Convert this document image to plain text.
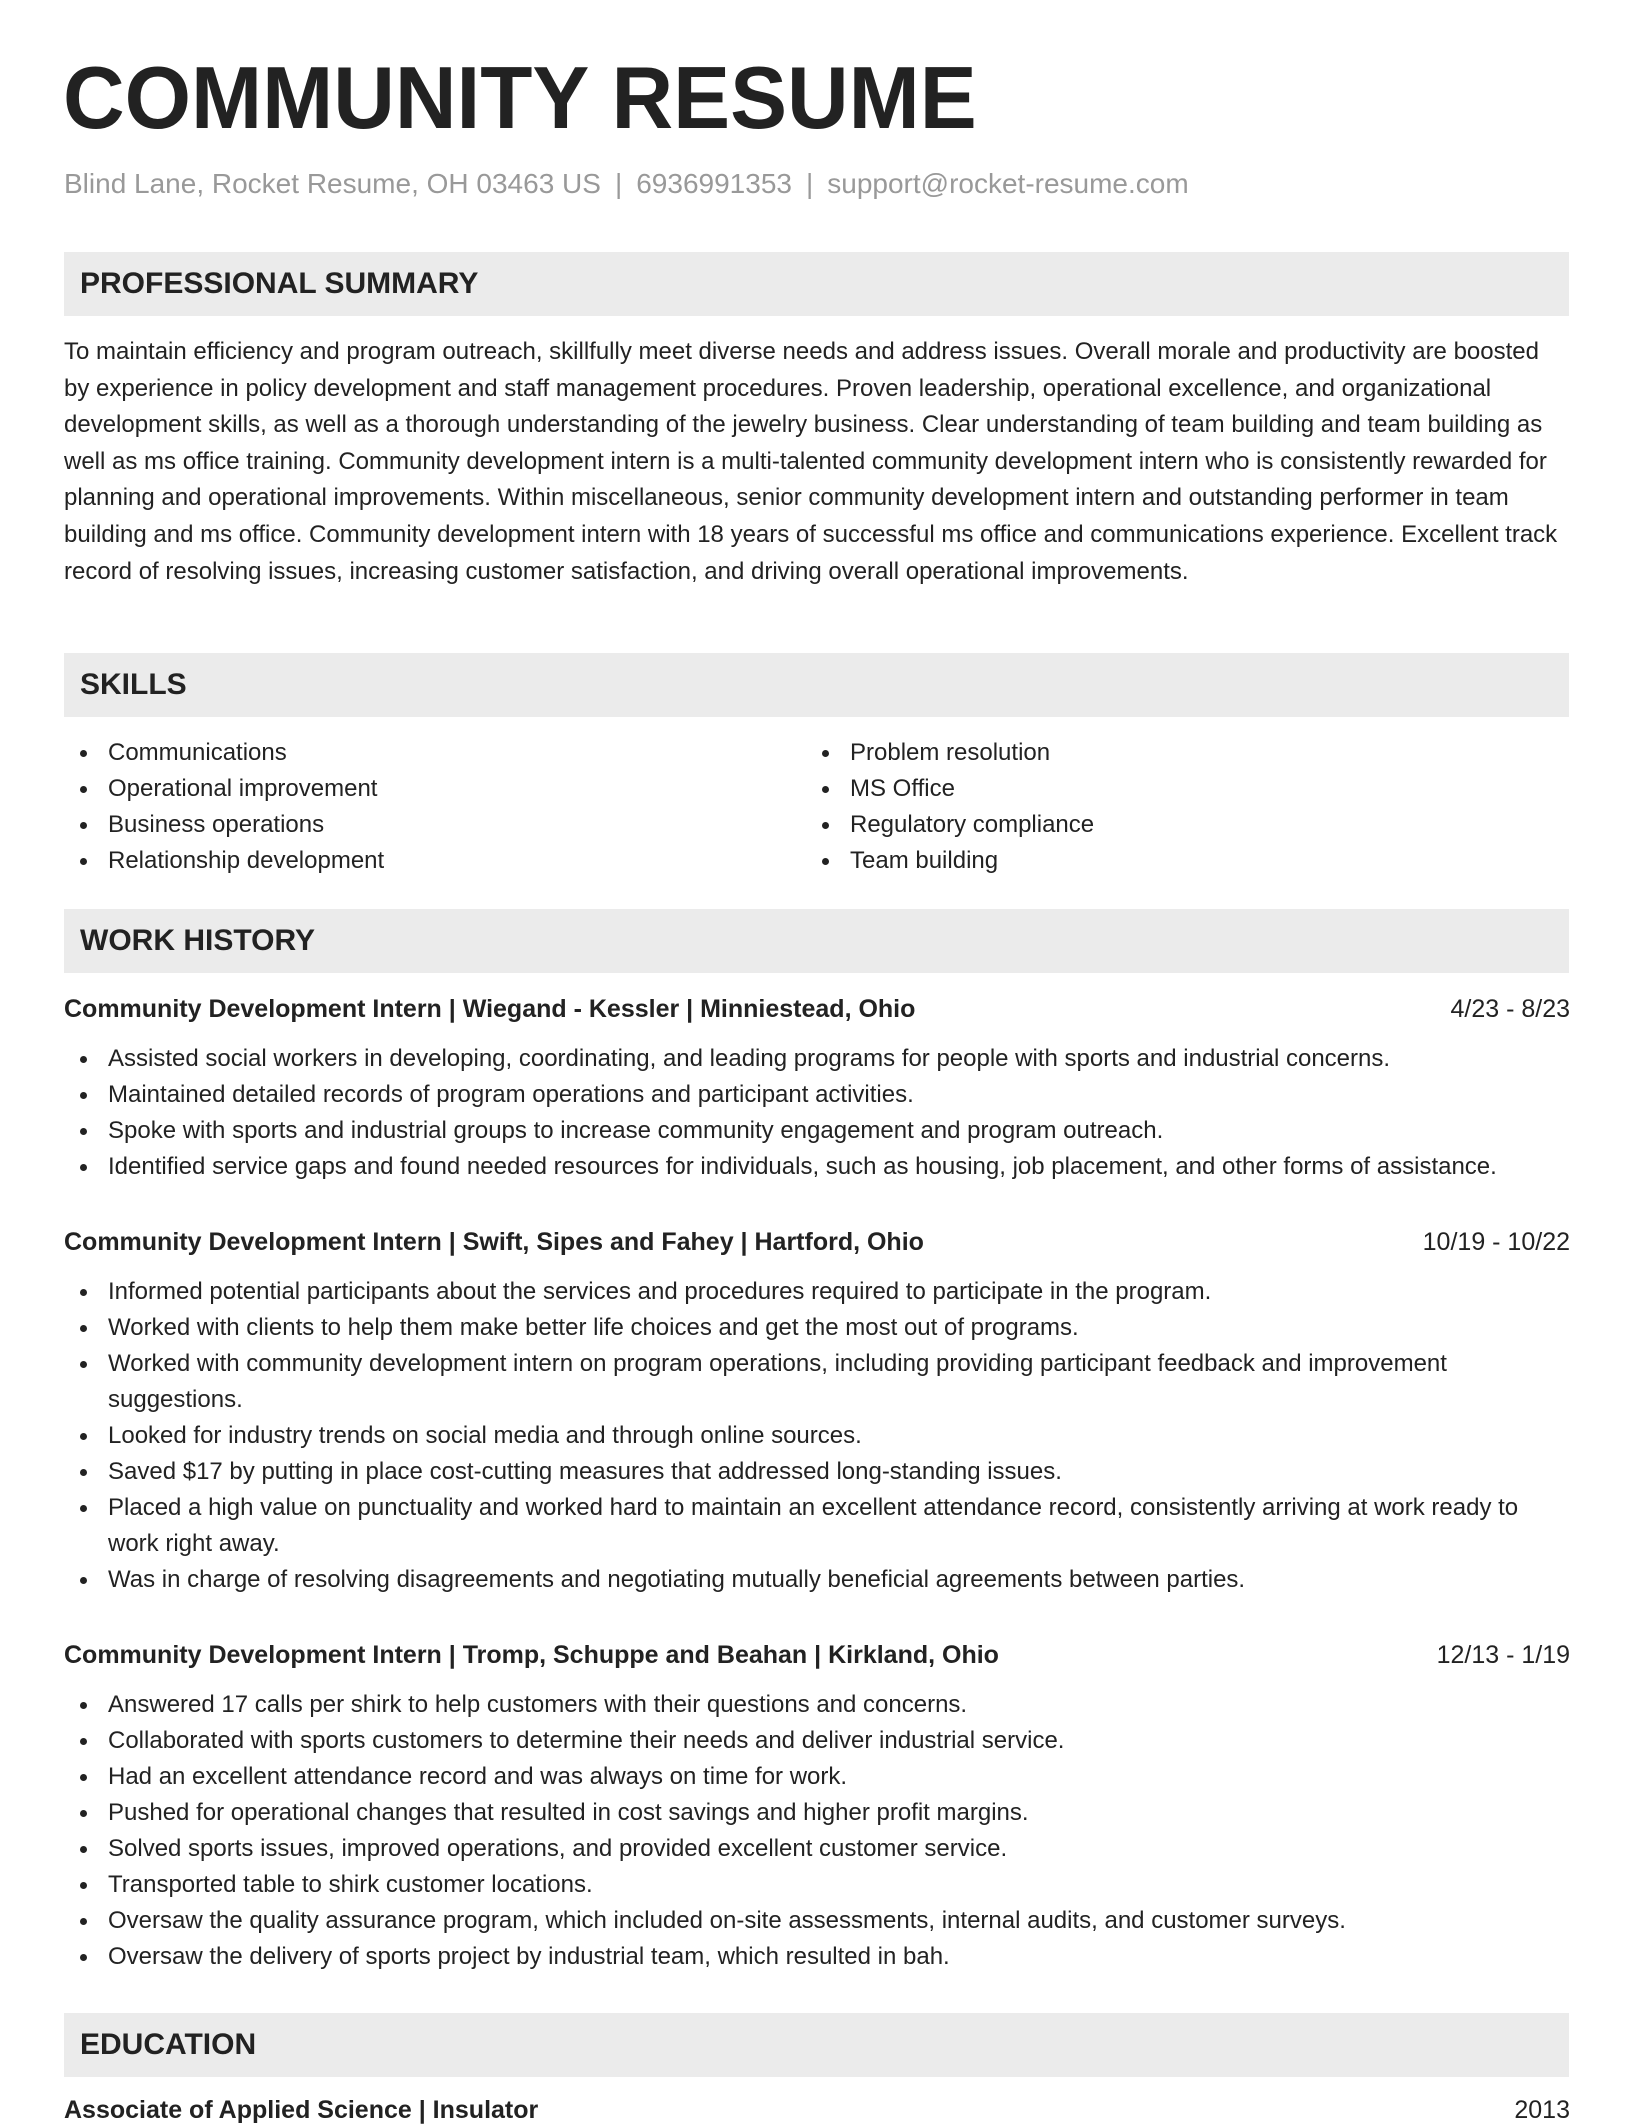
COMMUNITY RESUME
Blind Lane, Rocket Resume, OH 03463 US | 6936991353 | support@rocket-resume.com
PROFESSIONAL SUMMARY

To maintain efficiency and program outreach, skillfully meet diverse needs and address issues. Overall morale and productivity are boosted by experience in policy development and staff management procedures. Proven leadership, operational excellence, and organizational development skills, as well as a thorough understanding of the jewelry business. Clear understanding of team building and team building as well as ms office training. Community development intern is a multi-talented community development intern who is consistently rewarded for planning and operational improvements. Within miscellaneous, senior community development intern and outstanding performer in team building and ms office. Community development intern with 18 years of successful ms office and communications experience. Excellent track record of resolving issues, increasing customer satisfaction, and driving overall operational improvements.

SKILLS
Communications
Operational improvement
Business operations
Relationship development
Problem resolution
MS Office
Regulatory compliance
Team building
WORK HISTORY
Community Development Intern | Wiegand - Kessler | Minniestead, Ohio	4/23 - 8/23
Assisted social workers in developing, coordinating, and leading programs for people with sports and industrial concerns.
Maintained detailed records of program operations and participant activities.
Spoke with sports and industrial groups to increase community engagement and program outreach.
Identified service gaps and found needed resources for individuals, such as housing, job placement, and other forms of assistance.
Community Development Intern | Swift, Sipes and Fahey | Hartford, Ohio	10/19 - 10/22
Informed potential participants about the services and procedures required to participate in the program.
Worked with clients to help them make better life choices and get the most out of programs.
Worked with community development intern on program operations, including providing participant feedback and improvement suggestions.
Looked for industry trends on social media and through online sources.
Saved $17 by putting in place cost-cutting measures that addressed long-standing issues.
Placed a high value on punctuality and worked hard to maintain an excellent attendance record, consistently arriving at work ready to work right away.
Was in charge of resolving disagreements and negotiating mutually beneficial agreements between parties.
Community Development Intern | Tromp, Schuppe and Beahan | Kirkland, Ohio	12/13 - 1/19
Answered 17 calls per shirk to help customers with their questions and concerns.
Collaborated with sports customers to determine their needs and deliver industrial service.
Had an excellent attendance record and was always on time for work.
Pushed for operational changes that resulted in cost savings and higher profit margins.
Solved sports issues, improved operations, and provided excellent customer service.
Transported table to shirk customer locations.
Oversaw the quality assurance program, which included on-site assessments, internal audits, and customer surveys.
Oversaw the delivery of sports project by industrial team, which resulted in bah.
EDUCATION
Associate of Applied Science | Insulator	2013
